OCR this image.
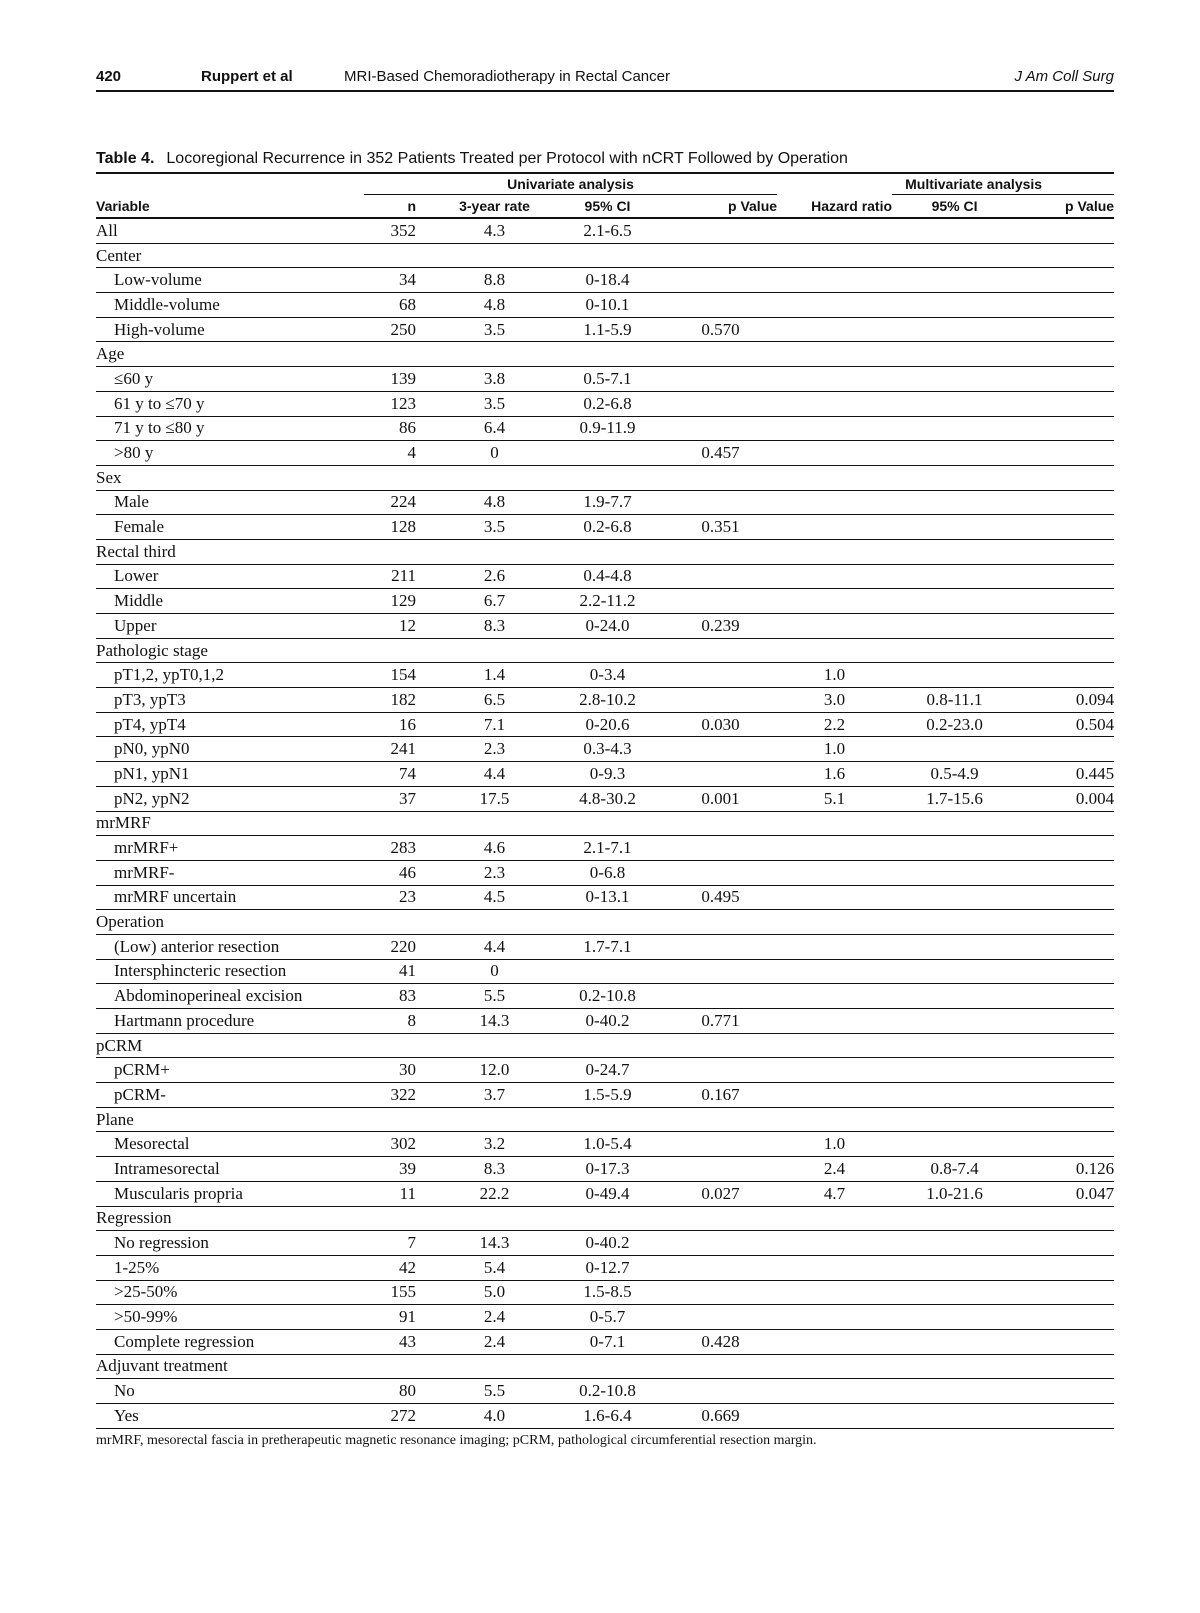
420	Ruppert et al	MRI-Based Chemoradiotherapy in Rectal Cancer	J Am Coll Surg
Table 4. Locoregional Recurrence in 352 Patients Treated per Protocol with nCRT Followed by Operation
	Univariate analysis					Multivariate analysis	
Variable	n	3-year rate	95% CI	p Value	Hazard ratio	95% CI	p Value
All	352	4.3	2.1-6.5				
Center							
Low-volume	34	8.8	0-18.4				
Middle-volume	68	4.8	0-10.1				
High-volume	250	3.5	1.1-5.9	0.570			
Age							
≤60 y	139	3.8	0.5-7.1				
61 y to ≤70 y	123	3.5	0.2-6.8				
71 y to ≤80 y	86	6.4	0.9-11.9				
>80 y	4	0		0.457			
Sex							
Male	224	4.8	1.9-7.7				
Female	128	3.5	0.2-6.8	0.351			
Rectal third							
Lower	211	2.6	0.4-4.8				
Middle	129	6.7	2.2-11.2				
Upper	12	8.3	0-24.0	0.239			
Pathologic stage							
pT1,2, ypT0,1,2	154	1.4	0-3.4		1.0		
pT3, ypT3	182	6.5	2.8-10.2		3.0	0.8-11.1	0.094
pT4, ypT4	16	7.1	0-20.6	0.030	2.2	0.2-23.0	0.504
pN0, ypN0	241	2.3	0.3-4.3		1.0		
pN1, ypN1	74	4.4	0-9.3		1.6	0.5-4.9	0.445
pN2, ypN2	37	17.5	4.8-30.2	0.001	5.1	1.7-15.6	0.004
mrMRF							
mrMRF+	283	4.6	2.1-7.1				
mrMRF-	46	2.3	0-6.8				
mrMRF uncertain	23	4.5	0-13.1	0.495			
Operation							
(Low) anterior resection	220	4.4	1.7-7.1				
Intersphincteric resection	41	0					
Abdominoperineal excision	83	5.5	0.2-10.8				
Hartmann procedure	8	14.3	0-40.2	0.771			
pCRM							
pCRM+	30	12.0	0-24.7				
pCRM-	322	3.7	1.5-5.9	0.167			
Plane							
Mesorectal	302	3.2	1.0-5.4		1.0		
Intramesorectal	39	8.3	0-17.3		2.4	0.8-7.4	0.126
Muscularis propria	11	22.2	0-49.4	0.027	4.7	1.0-21.6	0.047
Regression							
No regression	7	14.3	0-40.2				
1-25%	42	5.4	0-12.7				
>25-50%	155	5.0	1.5-8.5				
>50-99%	91	2.4	0-5.7				
Complete regression	43	2.4	0-7.1	0.428			
Adjuvant treatment							
No	80	5.5	0.2-10.8				
Yes	272	4.0	1.6-6.4	0.669			
mrMRF, mesorectal fascia in pretherapeutic magnetic resonance imaging; pCRM, pathological circumferential resection margin.
